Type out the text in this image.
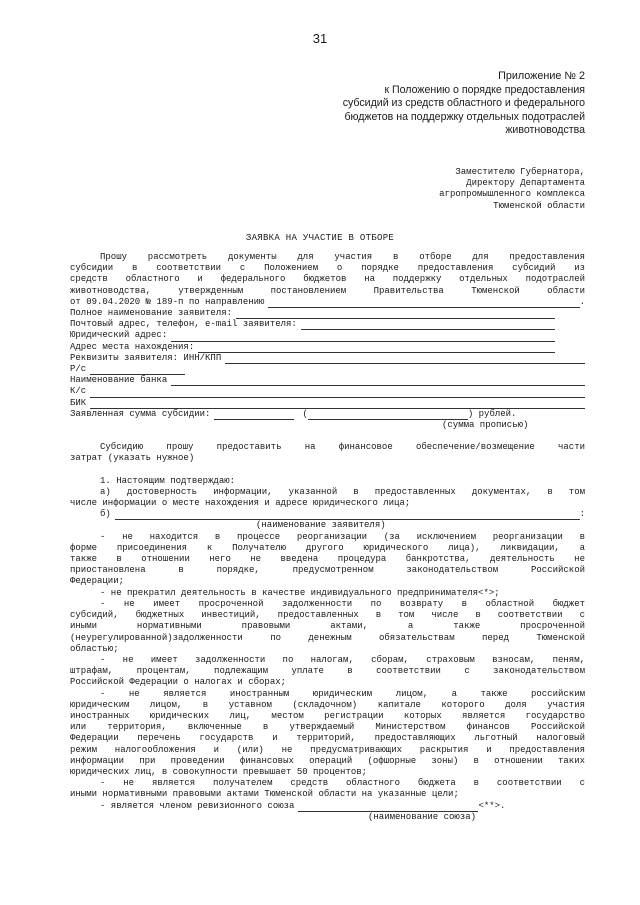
31
Приложение № 2
к Положению о порядке предоставления
субсидий из средств областного и федерального
бюджетов на поддержку отдельных подотраслей
животноводства
Заместителю Губернатора,
Директору Департамента
агропромышленного комплекса
Тюменской области
ЗАЯВКА НА УЧАСТИЕ В ОТБОРЕ
Прошу рассмотреть документы для участия в отборе для предоставления
субсидии в соответствии с Положением о порядке предоставления субсидий из
средств областного и федерального бюджетов на поддержку отдельных подотраслей
животноводства, утвержденным постановлением Правительства Тюменской области
от 09.04.2020 № 189-п по направлению	.
Полное наименование заявителя:
Почтовый адрес, телефон, e-mail заявителя:
Юридический адрес:
Адрес места нахождения:
Реквизиты заявителя: ИНН/КПП
Р/с
Наименование банка
К/с
БИК
Заявленная сумма субсидии:	(	) рублей.
(сумма прописью)
Субсидию прошу предоставить на финансовое обеспечение/возмещение части
затрат (указать нужное)
1. Настоящим подтверждаю:
а) достоверность информации, указанной в предоставленных документах, в том
числе информации о месте нахождения и адресе юридического лица;
б)	:
(наименование заявителя)
- не находится в процессе реорганизации (за исключением реорганизации в
форме присоединения к Получателю другого юридического лица), ликвидации, а
также в отношении него не введена процедура банкротства, деятельность не
приостановлена в порядке, предусмотренном законодательством Российской
Федерации;
- не прекратил деятельность в качестве индивидуального предпринимателя<*>;
- не имеет просроченной задолженности по возврату в областной бюджет
субсидий, бюджетных инвестиций, предоставленных в том числе в соответствии с
иными нормативными правовыми актами, а также просроченной
(неурегулированной)задолженности по денежным обязательствам перед Тюменской
областью;
- не имеет задолженности по налогам, сборам, страховым взносам, пеням,
штрафам, процентам, подлежащим уплате в соответствии с законодательством
Российской Федерации о налогах и сборах;
- не является иностранным юридическим лицом, а также российским
юридическим лицом, в уставном (складочном) капитале которого доля участия
иностранных юридических лиц, местом регистрации которых является государство
или территория, включенные в утверждаемый Министерством финансов Российской
Федерации перечень государств и территорий, предоставляющих льготный налоговый
режим налогообложения и (или) не предусматривающих раскрытия и предоставления
информации при проведении финансовых операций (офшорные зоны) в отношении таких
юридических лиц, в совокупности превышает 50 процентов;
- не является получателем средств областного бюджета в соответствии с
иными нормативными правовыми актами Тюменской области на указанные цели;
- является членом ревизионного союза	<**>.
(наименование союза)
